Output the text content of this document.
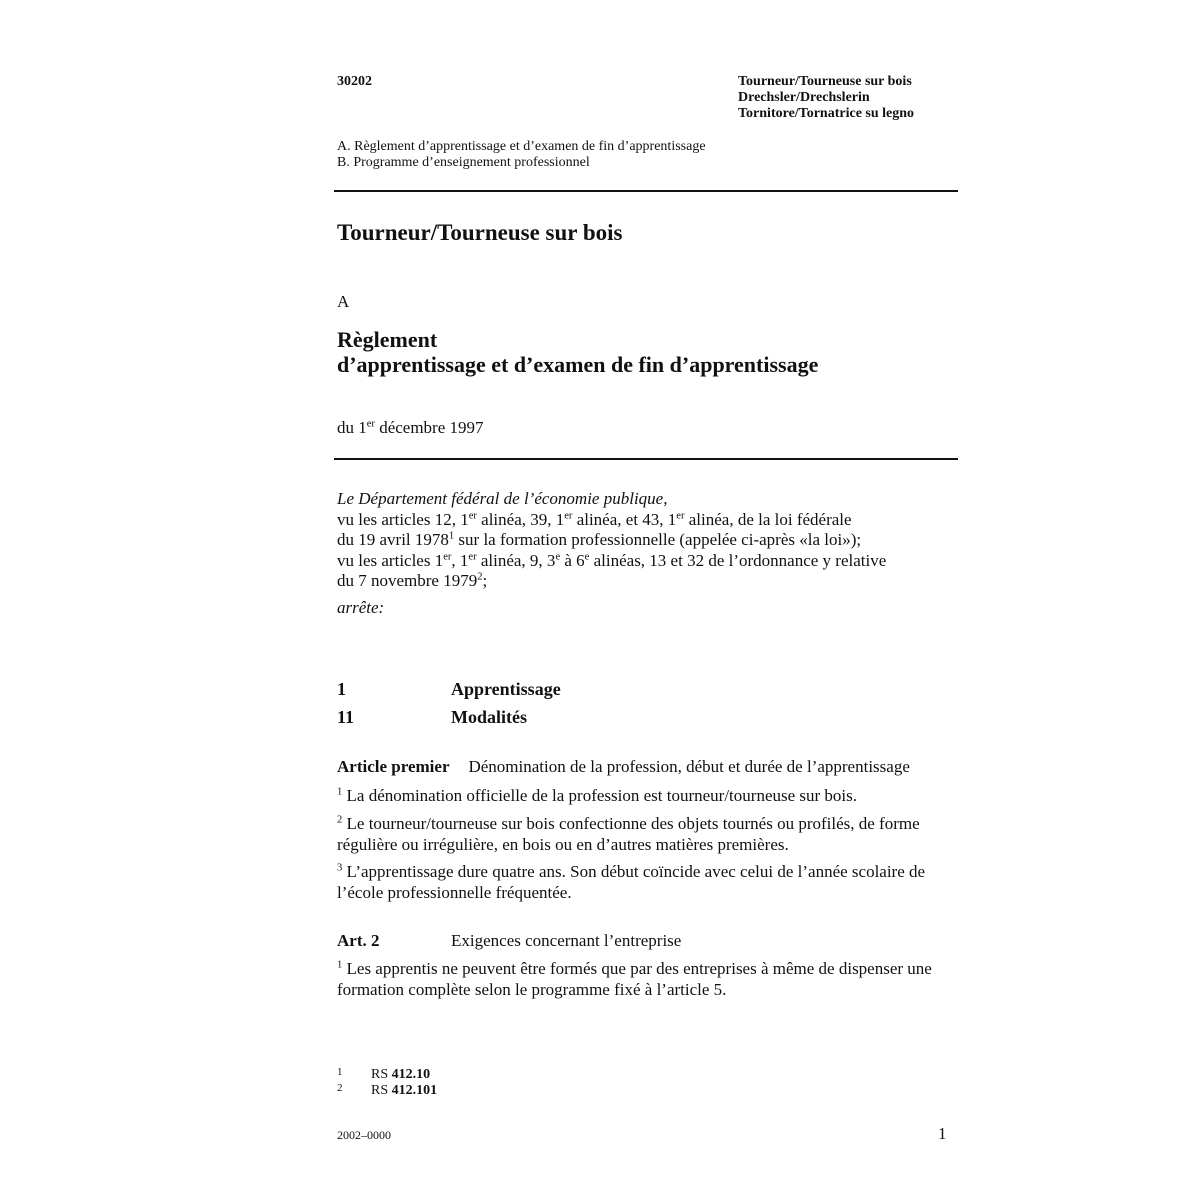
30202	Tourneur/Tourneuse sur bois
Drechsler/Drechslerin
Tornitore/Tornatrice su legno
A. Règlement d’apprentissage et d’examen de fin d’apprentissage
B. Programme d’enseignement professionnel
Tourneur/Tourneuse sur bois
A
Règlement
d’apprentissage et d’examen de fin d’apprentissage
du 1er décembre 1997
Le Département fédéral de l’économie publique,
vu les articles 12, 1er alinéa, 39, 1er alinéa, et 43, 1er alinéa, de la loi fédérale
du 19 avril 1978$^1$ sur la formation professionnelle (appelée ci-après «la loi»);
vu les articles 1er, 1er alinéa, 9, 3e à 6e alinéas, 13 et 32 de l’ordonnance y relative
du 7 novembre 1979$^2$;
arrête:
1	Apprentissage
11	Modalités
Article premier Dénomination de la profession, début et durée de l’apprentissage
$^1$ La dénomination officielle de la profession est tourneur/tourneuse sur bois.
$^2$ Le tourneur/tourneuse sur bois confectionne des objets tournés ou profilés, de forme régulière ou irrégulière, en bois ou en d’autres matières premières.
$^3$ L’apprentissage dure quatre ans. Son début coïncide avec celui de l’année scolaire de l’école professionnelle fréquentée.
Art. 2	Exigences concernant l’entreprise
$^1$ Les apprentis ne peuvent être formés que par des entreprises à même de dispenser une formation complète selon le programme fixé à l’article 5.
1 RS 412.10
2 RS 412.101
2002–0000	1
